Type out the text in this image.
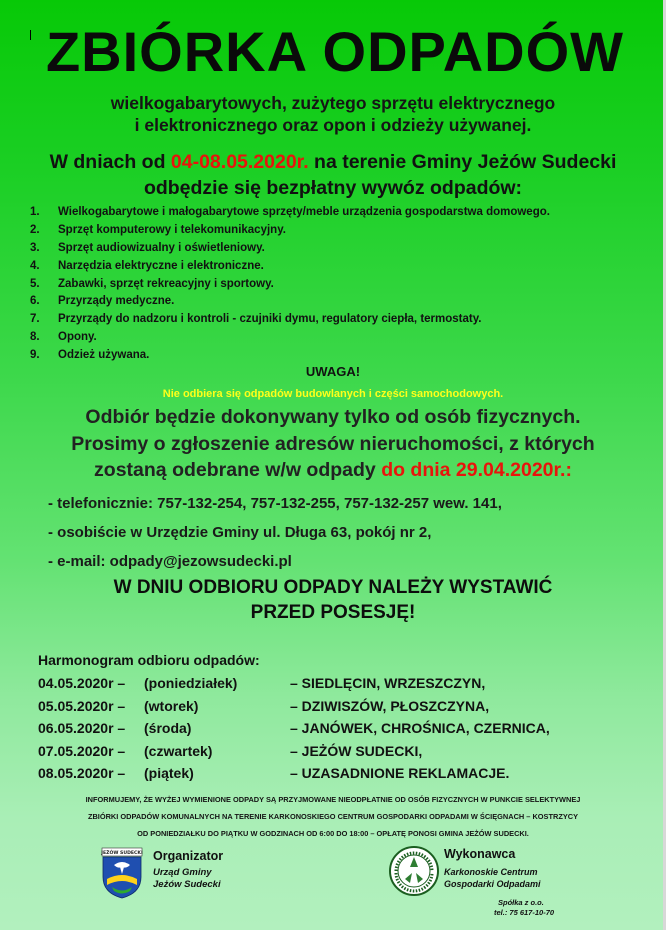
ZBIÓRKA ODPADÓW
wielkogabarytowych, zużytego sprzętu elektrycznego
i elektronicznego oraz opon i odzieży używanej.
W dniach od 04-08.05.2020r. na terenie Gminy Jeżów Sudecki
odbędzie się bezpłatny wywóz odpadów:
1. Wielkogabarytowe i małogabarytowe sprzęty/meble urządzenia gospodarstwa domowego.
2. Sprzęt komputerowy i telekomunikacyjny.
3. Sprzęt audiowizualny i oświetleniowy.
4. Narzędzia elektryczne i elektroniczne.
5. Zabawki, sprzęt rekreacyjny i sportowy.
6. Przyrządy medyczne.
7. Przyrządy do nadzoru i kontroli - czujniki dymu, regulatory ciepła, termostaty.
8. Opony.
9. Odzież używana.
UWAGA!
Nie odbiera się odpadów budowlanych i części samochodowych.
Odbiór będzie dokonywany tylko od osób fizycznych.
Prosimy o zgłoszenie adresów nieruchomości, z których
zostaną odebrane w/w odpady do dnia 29.04.2020r.:
- telefonicznie: 757-132-254, 757-132-255, 757-132-257 wew. 141,
- osobiście w Urzędzie Gminy ul. Długa 63, pokój nr 2,
- e-mail: odpady@jezowsudecki.pl
W DNIU ODBIORU ODPADY NALEŻY WYSTAWIĆ
PRZED POSESJĘ!
Harmonogram odbioru odpadów:
04.05.2020r – (poniedziałek)	– SIEDLĘCIN, WRZESZCZYN,
05.05.2020r – (wtorek)	– DZIWISZÓW, PŁOSZCZYNA,
06.05.2020r – (środa)	– JANÓWEK, CHROŚNICA, CZERNICA,
07.05.2020r – (czwartek)	– JEŻÓW SUDECKI,
08.05.2020r – (piątek)	– UZASADNIONE REKLAMACJE.
INFORMUJEMY, ŻE WYŻEJ WYMIENIONE ODPADY SĄ PRZYJMOWANE NIEODPŁATNIE OD OSÓB FIZYCZNYCH W PUNKCIE SELEKTYWNEJ
ZBIÓRKI ODPADÓW KOMUNALNYCH NA TERENIE KARKONOSKIEGO CENTRUM GOSPODARKI ODPADAMI W ŚCIĘGNACH – KOSTRZYCY
OD PONIEDZIAŁKU DO PIĄTKU W GODZINACH OD 6:00 DO 18:00 – OPŁATĘ PONOSI GMINA JEŻÓW SUDECKI.
JEŻÓW SUDECKI Organizator
Urząd Gminy
Jeżów Sudecki
Wykonawca
Karkonoskie Centrum
Gospodarki Odpadami
Spółka z o.o.
tel.: 75 617-10-70
